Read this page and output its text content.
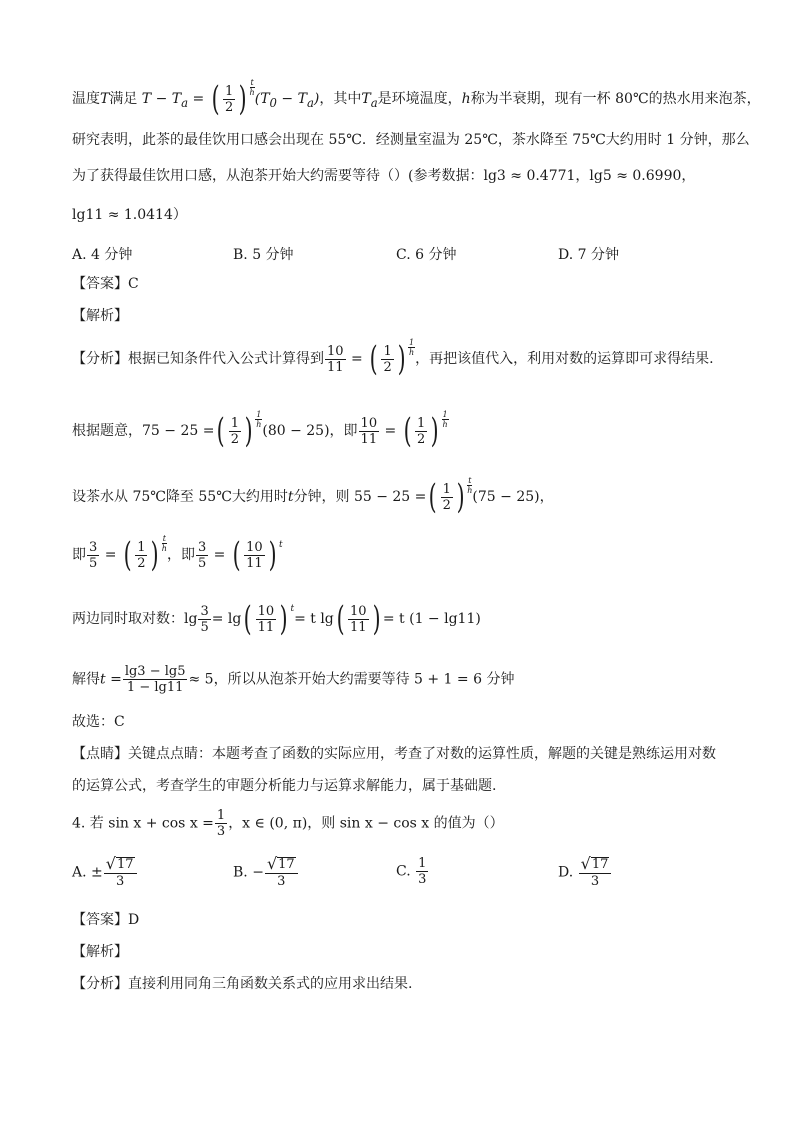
温度T满足 $T - T_a$ = ( $\frac{1}{2}$ ) t
h $(T_0 - T_a)$，其中$T_a$是环境温度，h称为半衰期，现有一杯 80℃的热水用来泡茶，
研究表明，此茶的最佳饮用口感会出现在 55℃．经测量室温为 25℃，茶水降至 75℃大约用时 1 分钟，那么
为了获得最佳饮用口感，从泡茶开始大约需要等待（）(参考数据：lg3 ≈ 0.4771，lg5 ≈ 0.6990，
lg11 ≈ 1.0414）
A. 4 分钟	B. 5 分钟	C. 6 分钟	D. 7 分钟
【答案】C
【解析】
【分析】根据已知条件代入公式计算得到 $\frac{10}{11}$ = ( $\frac{1}{2}$ ) 1
h ，再把该值代入，利用对数的运算即可求得结果.
根据题意，75 − 25 = ( $\frac{1}{2}$ ) 1
h (80 − 25)，即 $\frac{10}{11}$ = ( $\frac{1}{2}$ ) 1
h
设茶水从 75℃降至 55℃大约用时t分钟，则 55 − 25 = ( $\frac{1}{2}$ ) t
h (75 − 25)，
即 $\frac{3}{5}$ = ( $\frac{1}{2}$ ) t
h ，即 $\frac{3}{5}$ = ( $\frac{10}{11}$ ) t
两边同时取对数：$\lg \frac{3}{5} = \lg$ ( $\frac{10}{11}$ ) t
= t lg ( $\frac{10}{11}$ ) = t (1 − lg11)
解得$t = \frac{\lg 3 - \lg 5}{1 - \lg 11} \approx 5$，所以从泡茶开始大约需要等待 5 + 1 = 6 分钟
故选：C
【点睛】关键点点睛：本题考查了函数的实际应用，考查了对数的运算性质，解题的关键是熟练运用对数
的运算公式，考查学生的审题分析能力与运算求解能力，属于基础题.
4. 若 $\sin x + \cos x = \frac{1}{3}$ ，x ∈ (0, π)，则 sin x − cos x 的值为（）
A. ± $\frac{√ 17}{3}$	B. − $\frac{√ 17}{3}$	C. $\frac{1}{3}$	D. $\frac{√ 17}{3}$
【答案】D
【解析】
【分析】直接利用同角三角函数关系式的应用求出结果.
